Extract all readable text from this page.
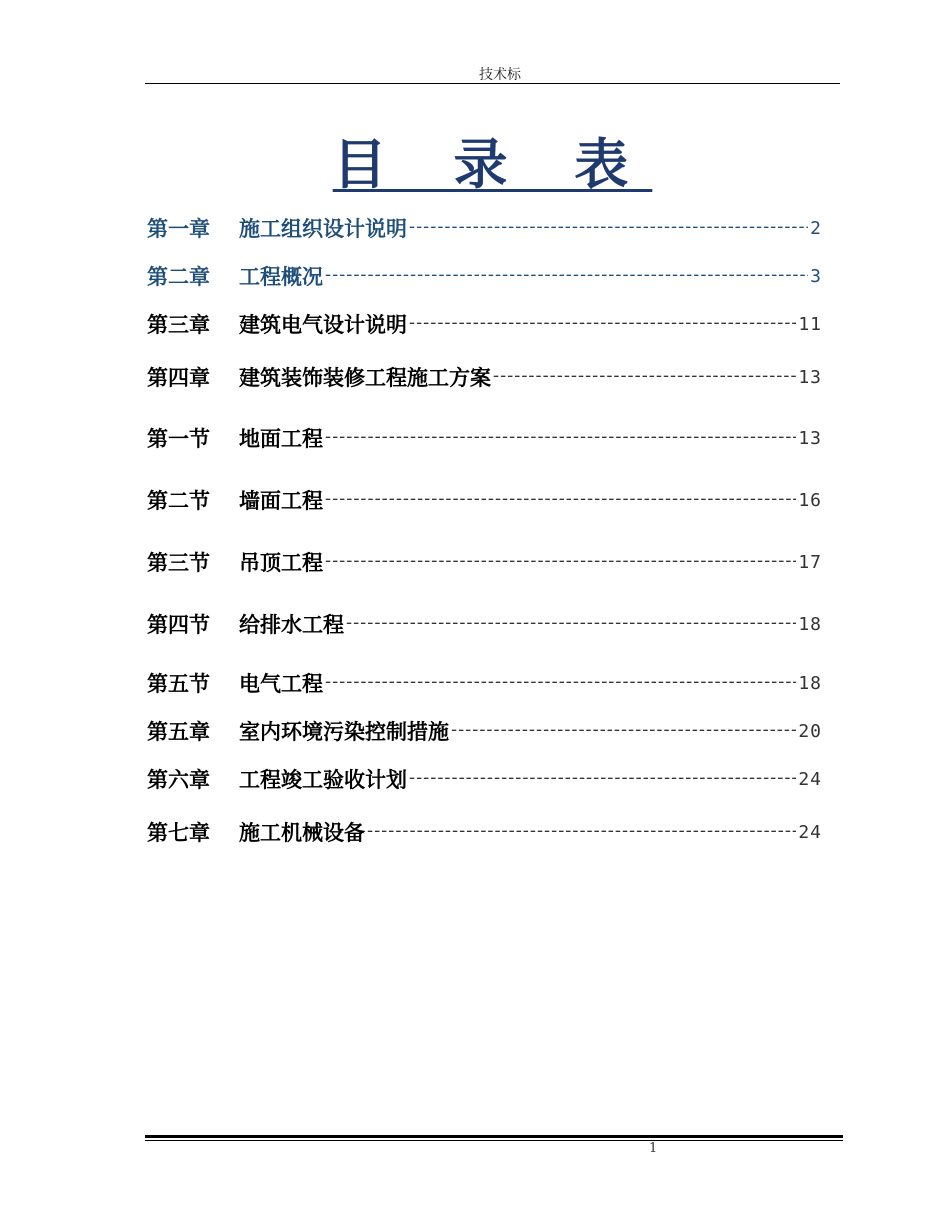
技术标
目 录 表
第一章	施工组织设计说明 -----	2
第二章	工程概况 -----	3
第三章	建筑电气设计说明 -----	11
第四章	建筑装饰装修工程施工方案 -----	13
第一节	地面工程 -----	13
第二节	墙面工程 -----	16
第三节	吊顶工程 -----	17
第四节	给排水工程 -----	18
第五节	电气工程 -----	18
第五章	室内环境污染控制措施 -----	20
第六章	工程竣工验收计划 -----	24
第七章	施工机械设备 -----	24
1
